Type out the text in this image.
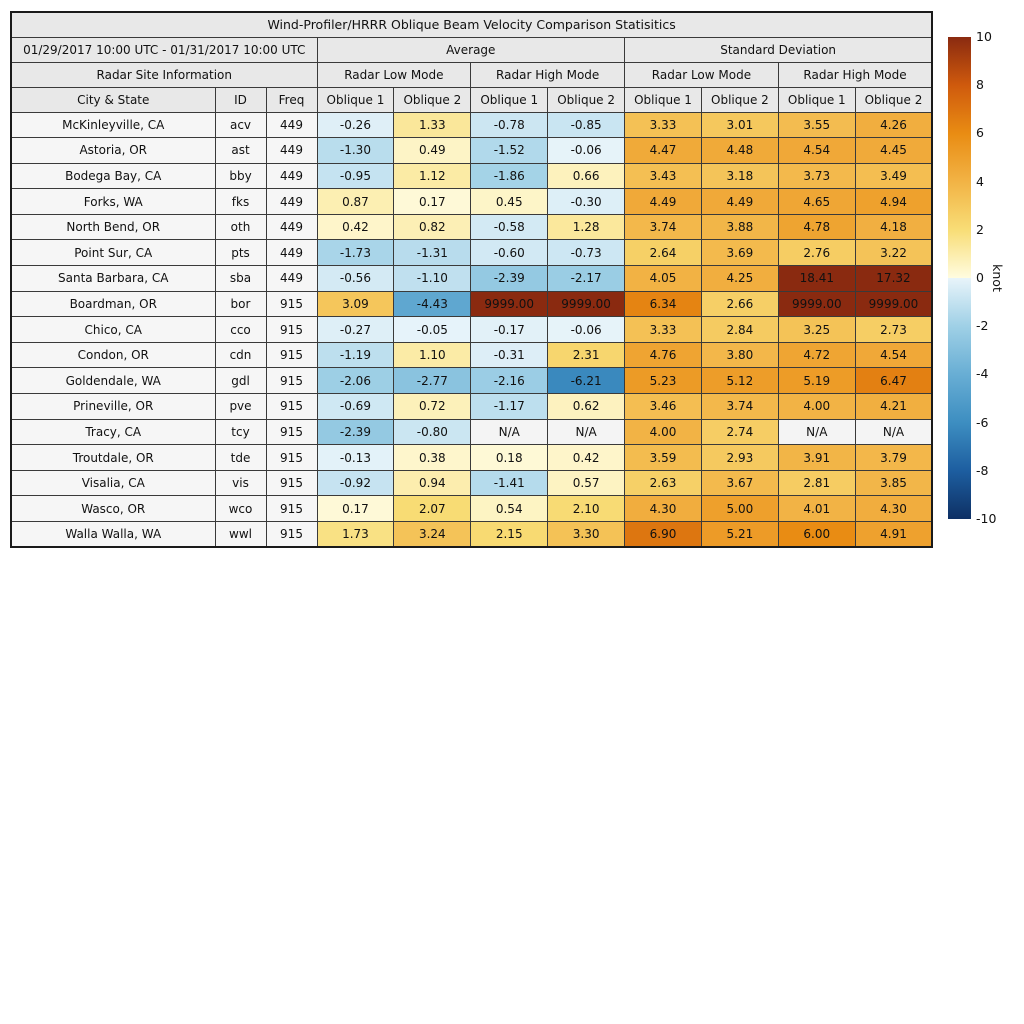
Wind-Profiler/HRRR Oblique Beam Velocity Comparison Statisitics										
01/29/2017 10:00 UTC - 01/31/2017 10:00 UTC			Average				Standard Deviation			
Radar Site Information			Radar Low Mode		Radar High Mode		Radar Low Mode		Radar High Mode	
City & State	ID	Freq	Oblique 1	Oblique 2	Oblique 1	Oblique 2	Oblique 1	Oblique 2	Oblique 1	Oblique 2
McKinleyville, CA	acv	449	-0.26	1.33	-0.78	-0.85	3.33	3.01	3.55	4.26
Astoria, OR	ast	449	-1.30	0.49	-1.52	-0.06	4.47	4.48	4.54	4.45
Bodega Bay, CA	bby	449	-0.95	1.12	-1.86	0.66	3.43	3.18	3.73	3.49
Forks, WA	fks	449	0.87	0.17	0.45	-0.30	4.49	4.49	4.65	4.94
North Bend, OR	oth	449	0.42	0.82	-0.58	1.28	3.74	3.88	4.78	4.18
Point Sur, CA	pts	449	-1.73	-1.31	-0.60	-0.73	2.64	3.69	2.76	3.22
Santa Barbara, CA	sba	449	-0.56	-1.10	-2.39	-2.17	4.05	4.25	18.41	17.32
Boardman, OR	bor	915	3.09	-4.43	9999.00	9999.00	6.34	2.66	9999.00	9999.00
Chico, CA	cco	915	-0.27	-0.05	-0.17	-0.06	3.33	2.84	3.25	2.73
Condon, OR	cdn	915	-1.19	1.10	-0.31	2.31	4.76	3.80	4.72	4.54
Goldendale, WA	gdl	915	-2.06	-2.77	-2.16	-6.21	5.23	5.12	5.19	6.47
Prineville, OR	pve	915	-0.69	0.72	-1.17	0.62	3.46	3.74	4.00	4.21
Tracy, CA	tcy	915	-2.39	-0.80	N/A	N/A	4.00	2.74	N/A	N/A
Troutdale, OR	tde	915	-0.13	0.38	0.18	0.42	3.59	2.93	3.91	3.79
Visalia, CA	vis	915	-0.92	0.94	-1.41	0.57	2.63	3.67	2.81	3.85
Wasco, OR	wco	915	0.17	2.07	0.54	2.10	4.30	5.00	4.01	4.30
Walla Walla, WA	wwl	915	1.73	3.24	2.15	3.30	6.90	5.21	6.00	4.91
10
8
6
4
2
0
-2
-4
-6
-8
-10
knot
